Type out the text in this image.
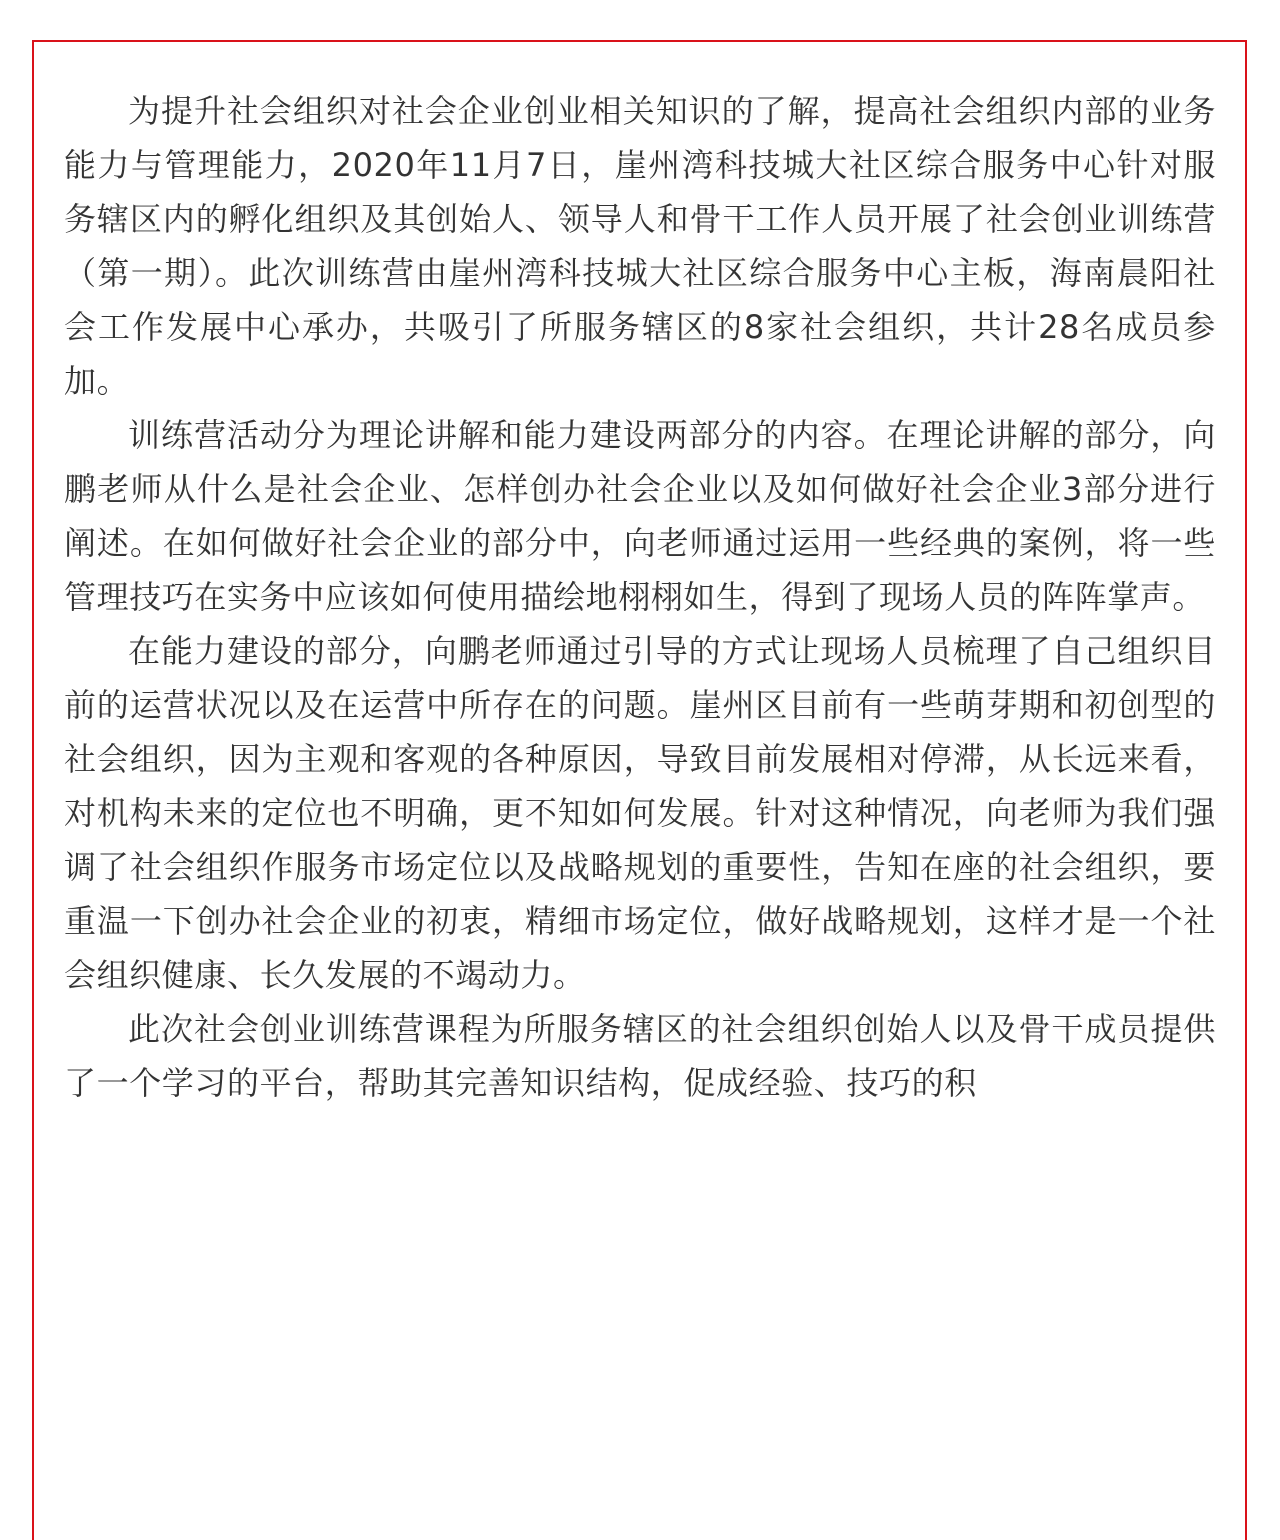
为提升社会组织对社会企业创业相关知识的了解，提高社会组织内部的业务能力与管理能力，2020年11月7日，崖州湾科技城大社区综合服务中心针对服务辖区内的孵化组织及其创始人、领导人和骨干工作人员开展了社会创业训练营（第一期）。此次训练营由崖州湾科技城大社区综合服务中心主板，海南晨阳社会工作发展中心承办，共吸引了所服务辖区的8家社会组织，共计28名成员参加。

训练营活动分为理论讲解和能力建设两部分的内容。在理论讲解的部分，向鹏老师从什么是社会企业、怎样创办社会企业以及如何做好社会企业3部分进行阐述。在如何做好社会企业的部分中，向老师通过运用一些经典的案例，将一些管理技巧在实务中应该如何使用描绘地栩栩如生，得到了现场人员的阵阵掌声。

在能力建设的部分，向鹏老师通过引导的方式让现场人员梳理了自己组织目前的运营状况以及在运营中所存在的问题。崖州区目前有一些萌芽期和初创型的社会组织，因为主观和客观的各种原因，导致目前发展相对停滞，从长远来看，对机构未来的定位也不明确，更不知如何发展。针对这种情况，向老师为我们强调了社会组织作服务市场定位以及战略规划的重要性，告知在座的社会组织，要重温一下创办社会企业的初衷，精细市场定位，做好战略规划，这样才是一个社会组织健康、长久发展的不竭动力。

此次社会创业训练营课程为所服务辖区的社会组织创始人以及骨干成员提供了一个学习的平台，帮助其完善知识结构，促成经验、技巧的积
